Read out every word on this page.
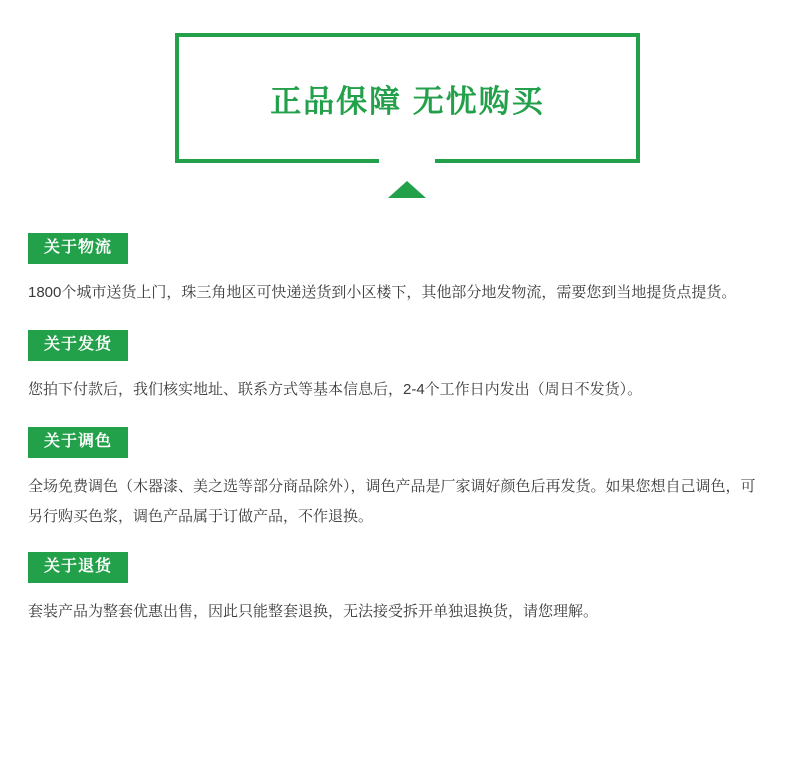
正品保障 无忧购买
关于物流
1800个城市送货上门，珠三角地区可快递送货到小区楼下，其他部分地发物流，需要您到当地提货点提货。
关于发货
您拍下付款后，我们核实地址、联系方式等基本信息后，2-4个工作日内发出（周日不发货）。
关于调色
全场免费调色（木器漆、美之选等部分商品除外），调色产品是厂家调好颜色后再发货。如果您想自己调色，可另行购买色浆，调色产品属于订做产品，不作退换。
关于退货
套装产品为整套优惠出售，因此只能整套退换，无法接受拆开单独退换货，请您理解。
